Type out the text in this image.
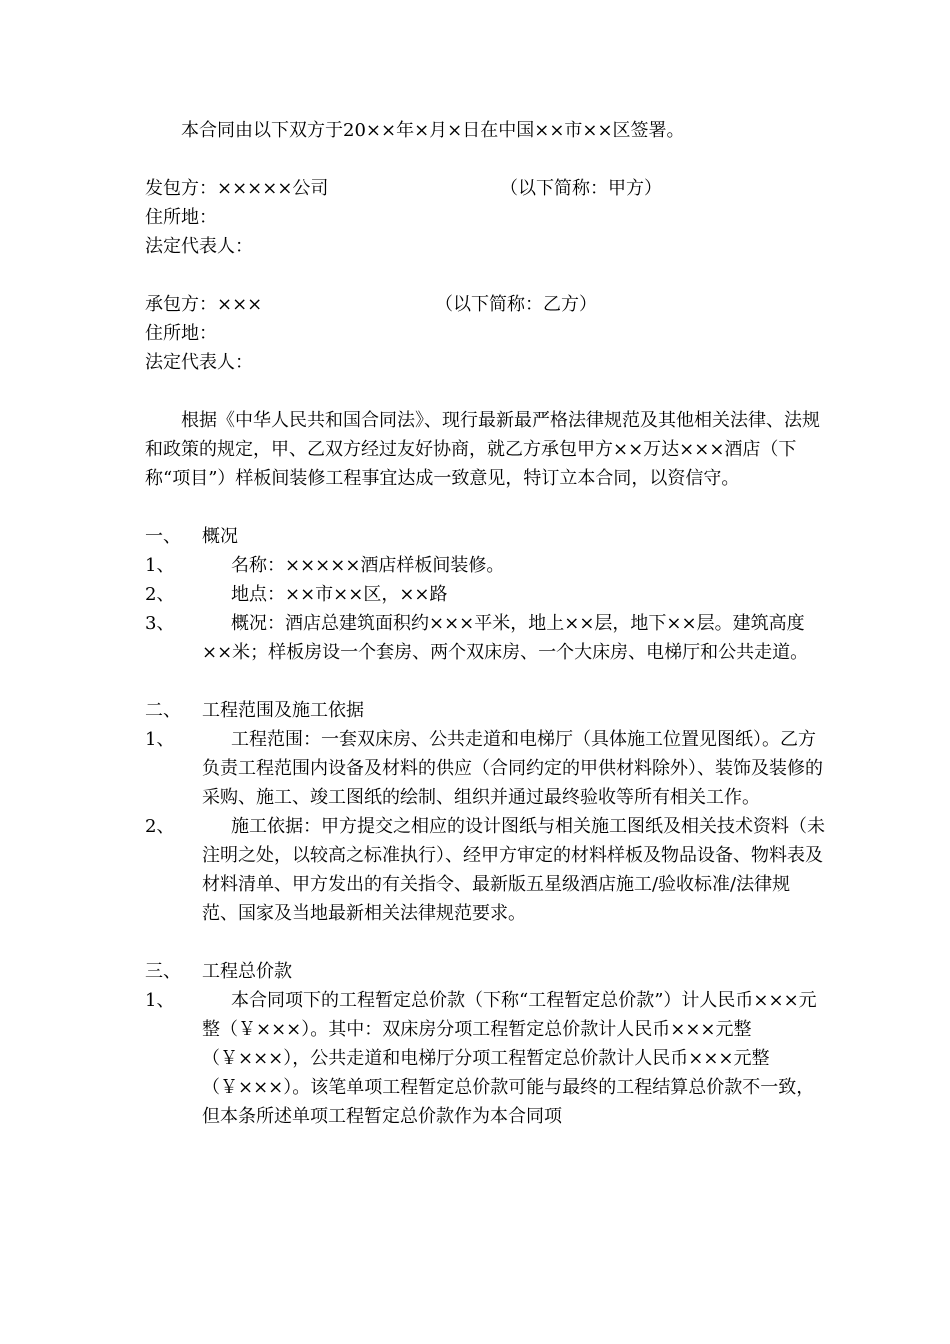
本合同由以下双方于20××年×月×日在中国××市××区签署。

发包方：×××××公司	（以下简称：甲方）
住所地：
法定代表人：
承包方：×××	（以下简称：乙方）
住所地：
法定代表人：

根据《中华人民共和国合同法》、现行最新最严格法律规范及其他相关法律、法规和政策的规定，甲、乙双方经过友好协商，就乙方承包甲方××万达×××酒店（下称“项目”）样板间装修工程事宜达成一致意见，特订立本合同，以资信守。

一、 概况
1、	名称：×××××酒店样板间装修。
2、	地点：××市××区，××路
3、	概况：酒店总建筑面积约×××平米，地上××层，地下××层。建筑高度××米；样板房设一个套房、两个双床房、一个大床房、电梯厅和公共走道。
二、 工程范围及施工依据
1、	工程范围：一套双床房、公共走道和电梯厅（具体施工位置见图纸）。乙方负责工程范围内设备及材料的供应（合同约定的甲供材料除外）、装饰及装修的采购、施工、竣工图纸的绘制、组织并通过最终验收等所有相关工作。
2、	施工依据：甲方提交之相应的设计图纸与相关施工图纸及相关技术资料（未注明之处，以较高之标准执行）、经甲方审定的材料样板及物品设备、物料表及材料清单、甲方发出的有关指令、最新版五星级酒店施工/验收标准/法律规范、国家及当地最新相关法律规范要求。
三、 工程总价款
1、	本合同项下的工程暂定总价款（下称“工程暂定总价款”）计人民币×××元整（￥×××）。其中：双床房分项工程暂定总价款计人民币×××元整（￥×××），公共走道和电梯厅分项工程暂定总价款计人民币×××元整（￥×××）。该笔单项工程暂定总价款可能与最终的工程结算总价款不一致，但本条所述单项工程暂定总价款作为本合同项
